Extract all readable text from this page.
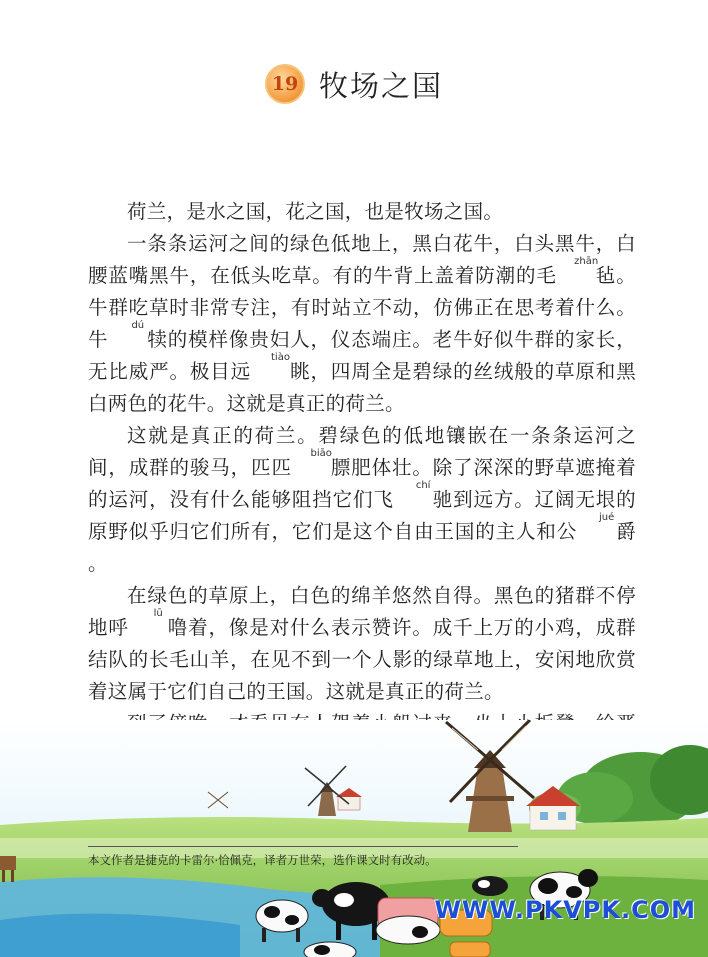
19 牧场之国

荷兰，是水之国，花之国，也是牧场之国。

一条条运河之间的绿色低地上，黑白花牛，白头黑牛，白腰蓝嘴黑牛，在低头吃草。有的牛背上盖着防潮的毛
zhān
毡。牛群吃草时非常专注，有时站立不动，仿佛正在思考着什么。牛
dú
犊的模样像贵妇人，仪态端庄。老牛好似牛群的家长，无比威严。极目远
tiào
眺，四周全是碧绿的丝绒般的草原和黑白两色的花牛。这就是真正的荷兰。

这就是真正的荷兰。碧绿色的低地镶嵌在一条条运河之间，成群的骏马，匹匹
biāo
膘肥体壮。除了深深的野草遮掩着的运河，没有什么能够阻挡它们飞
chí
驰到远方。辽阔无垠的原野似乎归它们所有，它们是这个自由王国的主人和公
jué
爵。

在绿色的草原上，白色的绵羊悠然自得。黑色的猪群不停地呼
lū
噜着，像是对什么表示赞许。成千上万的小鸡，成群结队的长毛山羊，在见不到一个人影的绿草地上，安闲地欣赏着这属于它们自己的王国。这就是真正的荷兰。

本文作者是捷克的卡雷尔·恰佩克，译者万世荣，选作课文时有改动。
WWW.PKVPK.COM
